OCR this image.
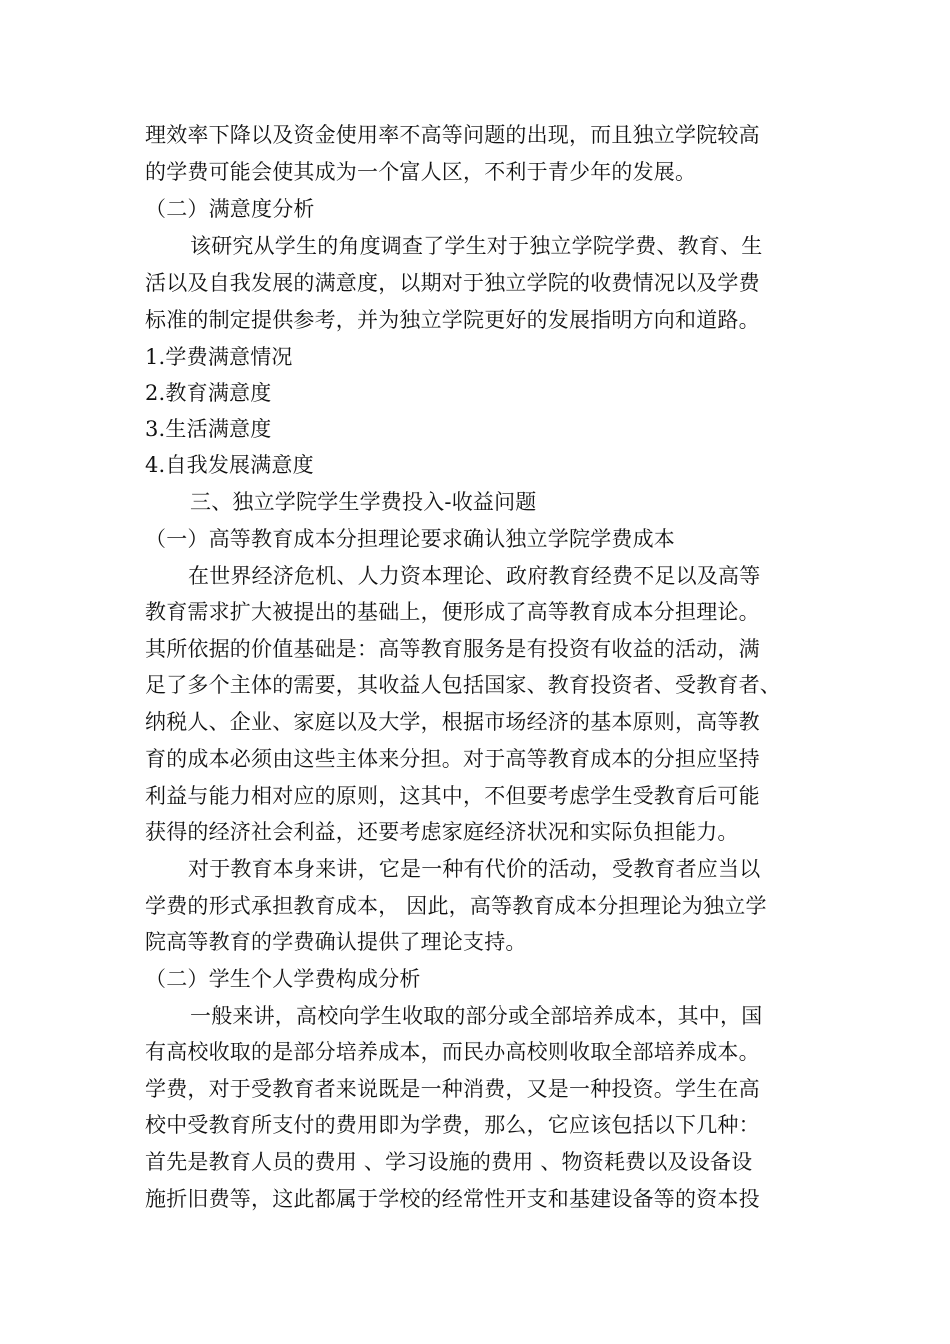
理效率下降以及资金使用率不高等问题的出现，而且独立学院较高
的学费可能会使其成为一个富人区，不利于青少年的发展。
（二）满意度分析
该研究从学生的角度调查了学生对于独立学院学费、教育、生
活以及自我发展的满意度，以期对于独立学院的收费情况以及学费
标准的制定提供参考，并为独立学院更好的发展指明方向和道路。
1.学费满意情况
2.教育满意度
3.生活满意度
4.自我发展满意度
三、独立学院学生学费投入-收益问题
（一）高等教育成本分担理论要求确认独立学院学费成本
在世界经济危机、人力资本理论、政府教育经费不足以及高等
教育需求扩大被提出的基础上，便形成了高等教育成本分担理论。
其所依据的价值基础是：高等教育服务是有投资有收益的活动，满
足了多个主体的需要，其收益人包括国家、教育投资者、受教育者、
纳税人、企业、家庭以及大学，根据市场经济的基本原则，高等教
育的成本必须由这些主体来分担。对于高等教育成本的分担应坚持
利益与能力相对应的原则，这其中，不但要考虑学生受教育后可能
获得的经济社会利益，还要考虑家庭经济状况和实际负担能力。
对于教育本身来讲，它是一种有代价的活动，受教育者应当以
学费的形式承担教育成本， 因此，高等教育成本分担理论为独立学
院高等教育的学费确认提供了理论支持。
（二）学生个人学费构成分析
一般来讲，高校向学生收取的部分或全部培养成本，其中，国
有高校收取的是部分培养成本，而民办高校则收取全部培养成本。
学费，对于受教育者来说既是一种消费，又是一种投资。学生在高
校中受教育所支付的费用即为学费，那么，它应该包括以下几种：
首先是教育人员的费用 、学习设施的费用 、物资耗费以及设备设
施折旧费等，这此都属于学校的经常性开支和基建设备等的资本投
